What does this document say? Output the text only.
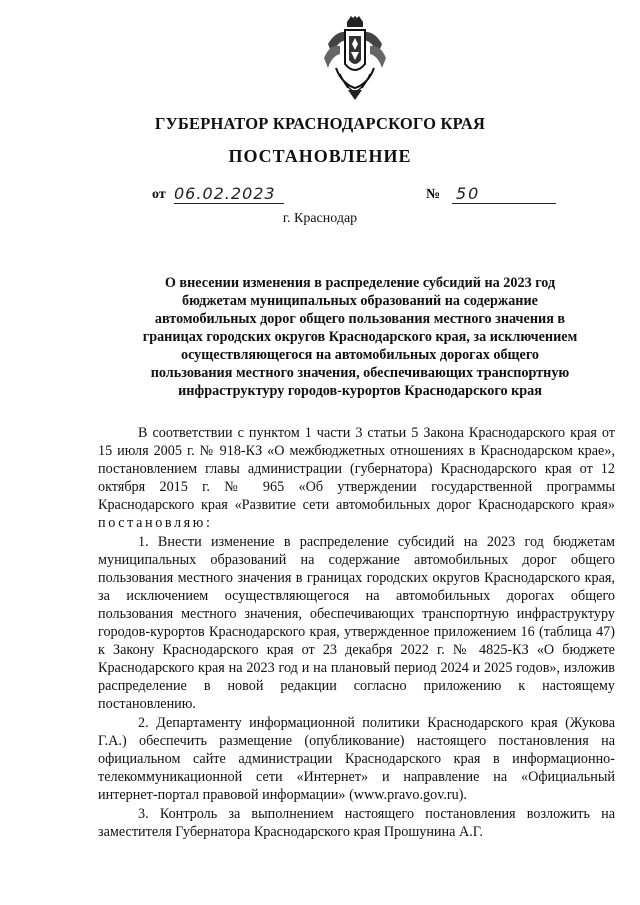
ГУБЕРНАТОР КРАСНОДАРСКОГО КРАЯ
ПОСТАНОВЛЕНИЕ
от 06.02.2023	№ 50
г. Краснодар
О внесении изменения в распределение субсидий на 2023 год бюджетам муниципальных образований на содержание автомобильных дорог общего пользования местного значения в границах городских округов Краснодарского края, за исключением осуществляющегося на автомобильных дорогах общего пользования местного значения, обеспечивающих транспортную инфраструктуру городов-курортов Краснодарского края

В соответствии с пунктом 1 части 3 статьи 5 Закона Краснодарского края от 15 июля 2005 г. № 918-КЗ «О межбюджетных отношениях в Краснодарском крае», постановлением главы администрации (губернатора) Краснодарского края от 12 октября 2015 г. № 965 «Об утверждении государственной программы Краснодарского края «Развитие сети автомобильных дорог Краснодарского края» постановляю:

1. Внести изменение в распределение субсидий на 2023 год бюджетам муниципальных образований на содержание автомобильных дорог общего пользования местного значения в границах городских округов Краснодарского края, за исключением осуществляющегося на автомобильных дорогах общего пользования местного значения, обеспечивающих транспортную инфраструктуру городов-курортов Краснодарского края, утвержденное приложением 16 (таблица 47) к Закону Краснодарского края от 23 декабря 2022 г. № 4825-КЗ «О бюджете Краснодарского края на 2023 год и на плановый период 2024 и 2025 годов», изложив распределение в новой редакции согласно приложению к настоящему постановлению.

2. Департаменту информационной политики Краснодарского края (Жукова Г.А.) обеспечить размещение (опубликование) настоящего постановления на официальном сайте администрации Краснодарского края в информационно-телекоммуникационной сети «Интернет» и направление на «Официальный интернет-портал правовой информации» (www.pravo.gov.ru).

3. Контроль за выполнением настоящего постановления возложить на заместителя Губернатора Краснодарского края Прошунина А.Г.
